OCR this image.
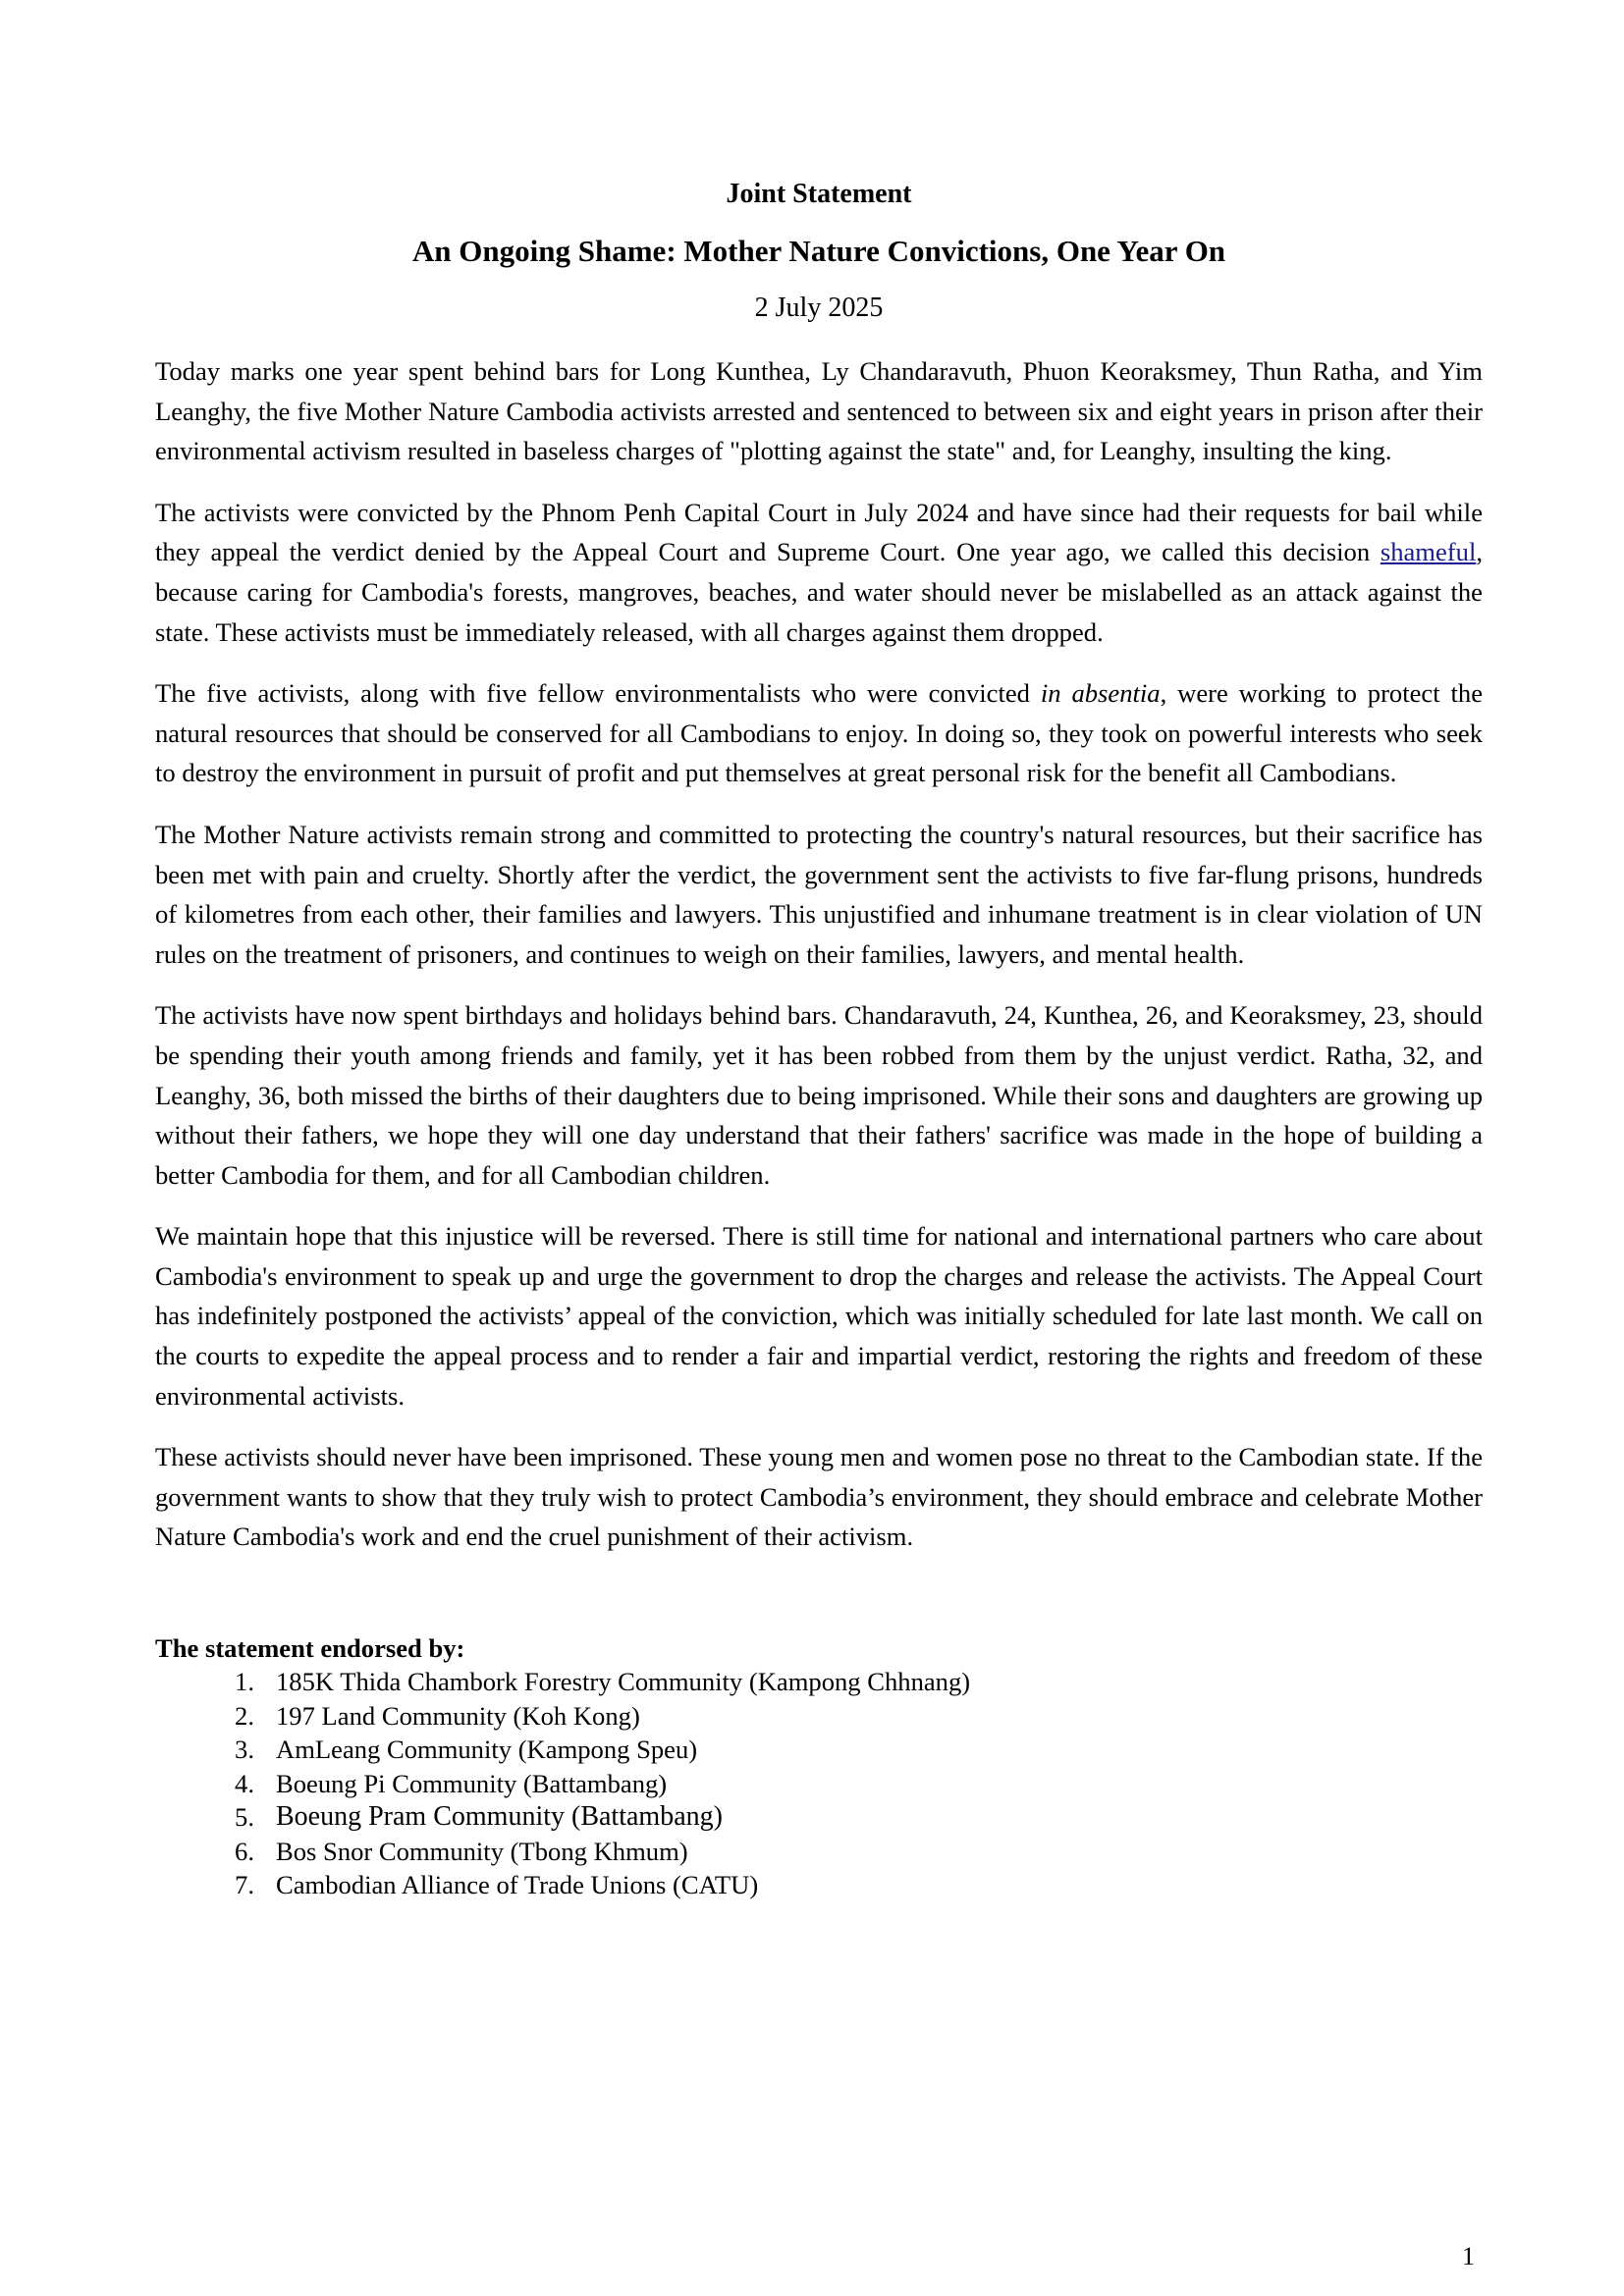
Joint Statement

An Ongoing Shame: Mother Nature Convictions, One Year On

2 July 2025

Today marks one year spent behind bars for Long Kunthea, Ly Chandaravuth, Phuon Keoraksmey, Thun Ratha, and Yim Leanghy, the five Mother Nature Cambodia activists arrested and sentenced to between six and eight years in prison after their environmental activism resulted in baseless charges of "plotting against the state" and, for Leanghy, insulting the king.

The activists were convicted by the Phnom Penh Capital Court in July 2024 and have since had their requests for bail while they appeal the verdict denied by the Appeal Court and Supreme Court. One year ago, we called this decision shameful, because caring for Cambodia's forests, mangroves, beaches, and water should never be mislabelled as an attack against the state. These activists must be immediately released, with all charges against them dropped.

The five activists, along with five fellow environmentalists who were convicted in absentia, were working to protect the natural resources that should be conserved for all Cambodians to enjoy. In doing so, they took on powerful interests who seek to destroy the environment in pursuit of profit and put themselves at great personal risk for the benefit all Cambodians.

The Mother Nature activists remain strong and committed to protecting the country's natural resources, but their sacrifice has been met with pain and cruelty. Shortly after the verdict, the government sent the activists to five far-flung prisons, hundreds of kilometres from each other, their families and lawyers. This unjustified and inhumane treatment is in clear violation of UN rules on the treatment of prisoners, and continues to weigh on their families, lawyers, and mental health.

The activists have now spent birthdays and holidays behind bars. Chandaravuth, 24, Kunthea, 26, and Keoraksmey, 23, should be spending their youth among friends and family, yet it has been robbed from them by the unjust verdict. Ratha, 32, and Leanghy, 36, both missed the births of their daughters due to being imprisoned. While their sons and daughters are growing up without their fathers, we hope they will one day understand that their fathers' sacrifice was made in the hope of building a better Cambodia for them, and for all Cambodian children.

We maintain hope that this injustice will be reversed. There is still time for national and international partners who care about Cambodia's environment to speak up and urge the government to drop the charges and release the activists. The Appeal Court has indefinitely postponed the activists’ appeal of the conviction, which was initially scheduled for late last month. We call on the courts to expedite the appeal process and to render a fair and impartial verdict, restoring the rights and freedom of these environmental activists.

These activists should never have been imprisoned. These young men and women pose no threat to the Cambodian state. If the government wants to show that they truly wish to protect Cambodia’s environment, they should embrace and celebrate Mother Nature Cambodia's work and end the cruel punishment of their activism.

The statement endorsed by:

1. 185K Thida Chambork Forestry Community (Kampong Chhnang)
2. 197 Land Community (Koh Kong)
3. AmLeang Community (Kampong Speu)
4. Boeung Pi Community (Battambang)
5. Boeung Pram Community (Battambang)
6. Bos Snor Community (Tbong Khmum)
7. Cambodian Alliance of Trade Unions (CATU)
1
